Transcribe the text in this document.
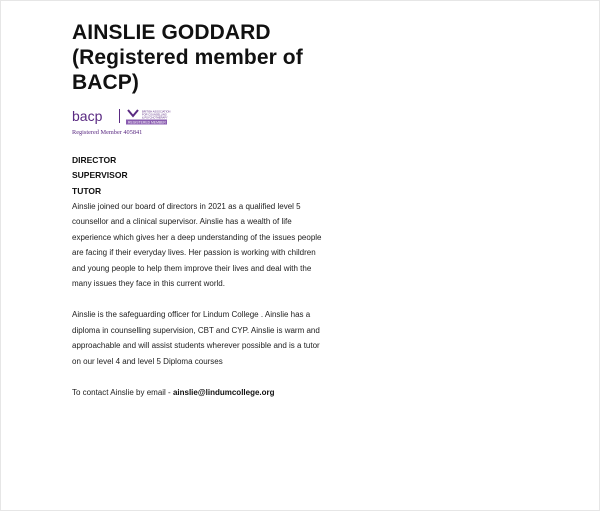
AINSLIE GODDARD (Registered member of BACP)
bacp	BRITISH ASSOCIATION
FOR COUNSELLING
& PSYCHOTHERAPY
REGISTERED MEMBER
Registered Member 405841
DIRECTOR
SUPERVISOR
TUTOR

Ainslie joined our board of directors in 2021 as a qualified level 5 counsellor and a clinical supervisor. Ainslie has a wealth of life experience which gives her a deep understanding of the issues people are facing if their everyday lives. Her passion is working with children and young people to help them improve their lives and deal with the many issues they face in this current world.

Ainslie is the safeguarding officer for Lindum College . Ainslie has a diploma in counselling supervision, CBT and CYP. Ainslie is warm and approachable and will assist students wherever possible and is a tutor on our level 4 and level 5 Diploma courses

To contact Ainslie by email - ainslie@lindumcollege.org
